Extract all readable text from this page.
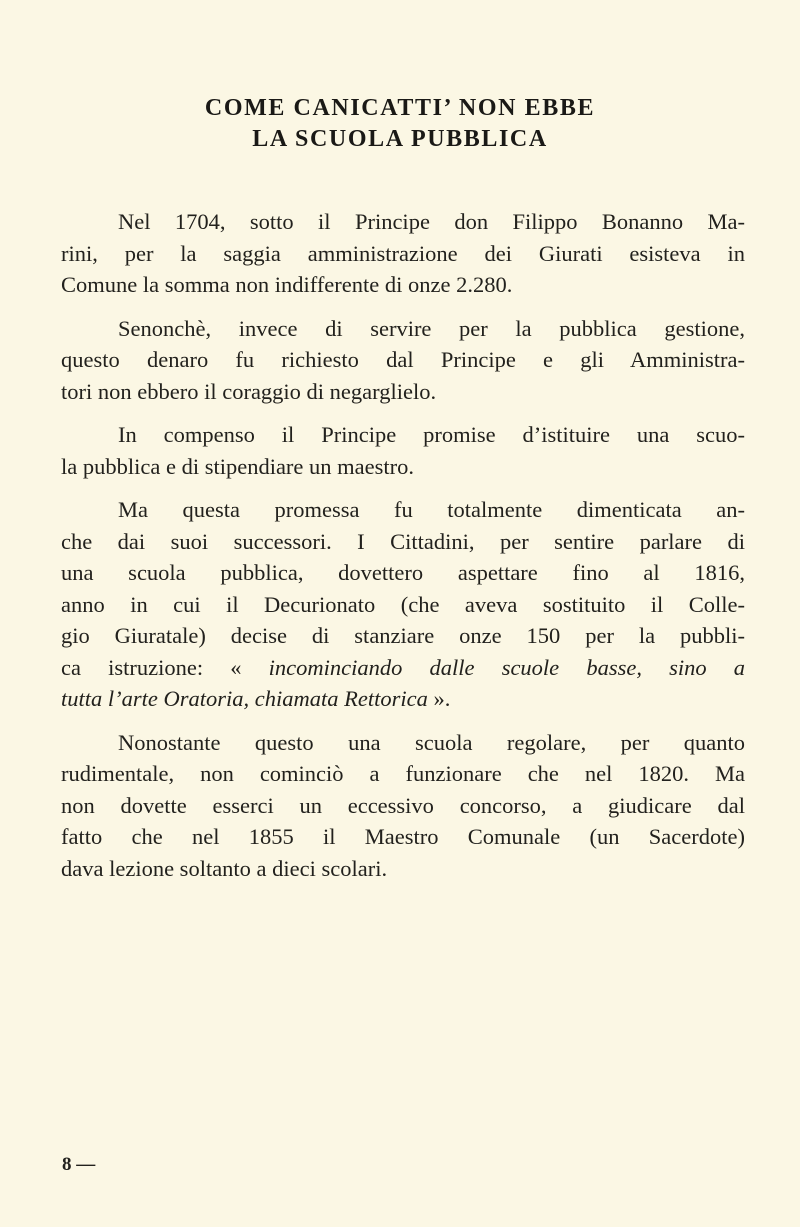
COME CANICATTI’ NON EBBE
LA SCUOLA PUBBLICA

Nel 1704, sotto il Principe don Filippo Bonanno Ma-
rini, per la saggia amministrazione dei Giurati esisteva in
Comune la somma non indifferente di onze 2.280.

Senonchè, invece di servire per la pubblica gestione,
questo denaro fu richiesto dal Principe e gli Amministra-
tori non ebbero il coraggio di negarglielo.

In compenso il Principe promise d’istituire una scuo-
la pubblica e di stipendiare un maestro.

Ma questa promessa fu totalmente dimenticata an-
che dai suoi successori. I Cittadini, per sentire parlare di
una scuola pubblica, dovettero aspettare fino al 1816,
anno in cui il Decurionato (che aveva sostituito il Colle-
gio Giuratale) decise di stanziare onze 150 per la pubbli-
ca istruzione: « incominciando dalle scuole basse, sino a
tutta l’arte Oratoria, chiamata Rettorica ».

Nonostante questo una scuola regolare, per quanto
rudimentale, non cominciò a funzionare che nel 1820. Ma
non dovette esserci un eccessivo concorso, a giudicare dal
fatto che nel 1855 il Maestro Comunale (un Sacerdote)
dava lezione soltanto a dieci scolari.

8 —
